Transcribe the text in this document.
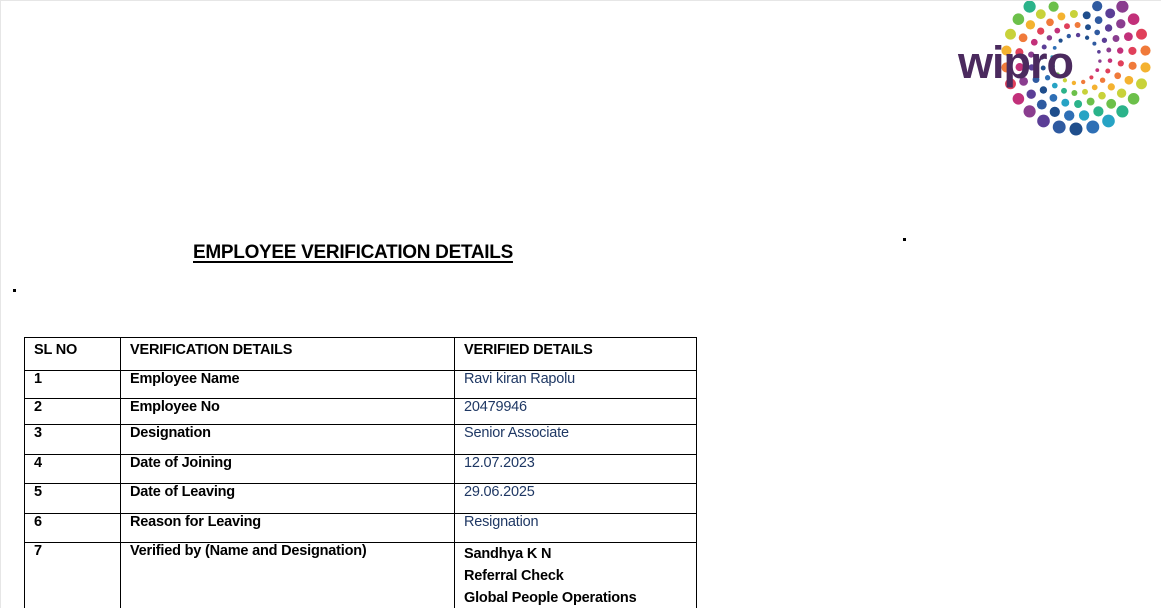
wipro
EMPLOYEE VERIFICATION DETAILS
SL NO	VERIFICATION DETAILS	VERIFIED DETAILS
1	Employee Name	Ravi kiran Rapolu
2	Employee No	20479946
3	Designation	Senior Associate
4	Date of Joining	12.07.2023
5	Date of Leaving	29.06.2025
6	Reason for Leaving	Resignation
7	Verified by (Name and Designation)	Sandhya K N
Referral Check
Global People Operations
